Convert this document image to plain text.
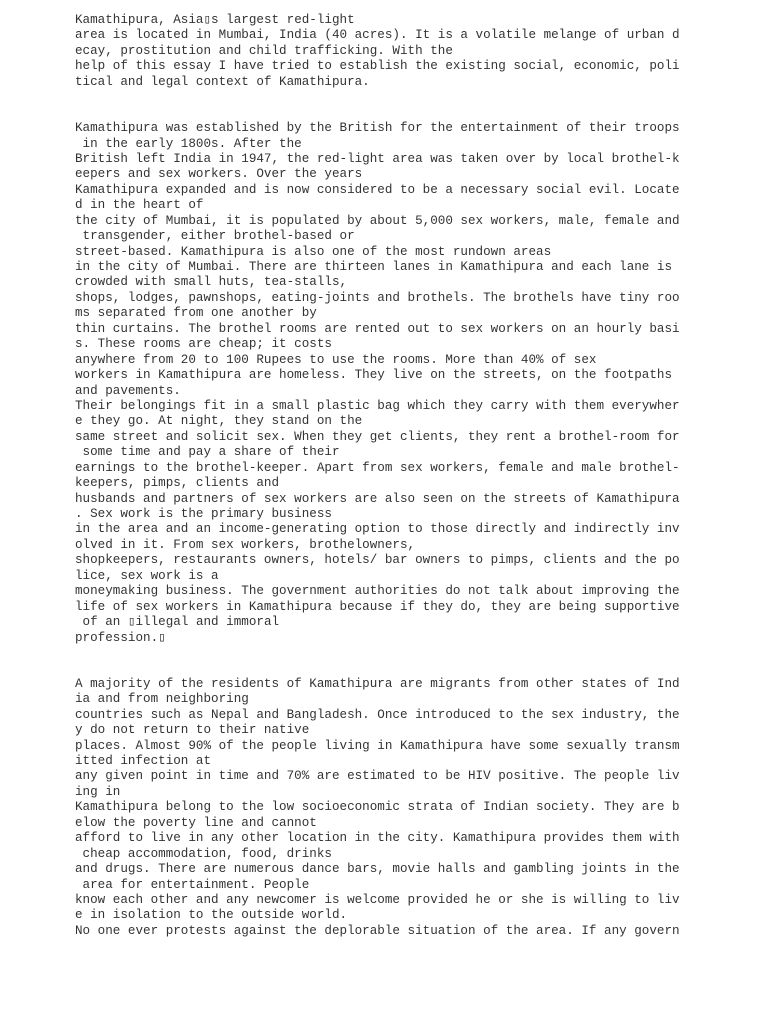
Kamathipura, Asia▯s largest red-light
area is located in Mumbai, India (40 acres). It is a volatile melange of urban d
ecay, prostitution and child trafficking. With the
help of this essay I have tried to establish the existing social, economic, poli
tical and legal context of Kamathipura.
Kamathipura was established by the British for the entertainment of their troops
in the early 1800s. After the
British left India in 1947, the red-light area was taken over by local brothel-k
eepers and sex workers. Over the years
Kamathipura expanded and is now considered to be a necessary social evil. Locate
d in the heart of
the city of Mumbai, it is populated by about 5,000 sex workers, male, female and
transgender, either brothel-based or
street-based. Kamathipura is also one of the most rundown areas
in the city of Mumbai. There are thirteen lanes in Kamathipura and each lane is
crowded with small huts, tea-stalls,
shops, lodges, pawnshops, eating-joints and brothels. The brothels have tiny roo
ms separated from one another by
thin curtains. The brothel rooms are rented out to sex workers on an hourly basi
s. These rooms are cheap; it costs
anywhere from 20 to 100 Rupees to use the rooms. More than 40% of sex
workers in Kamathipura are homeless. They live on the streets, on the footpaths
and pavements.
Their belongings fit in a small plastic bag which they carry with them everywher
e they go. At night, they stand on the
same street and solicit sex. When they get clients, they rent a brothel-room for
some time and pay a share of their
earnings to the brothel-keeper. Apart from sex workers, female and male brothel-
keepers, pimps, clients and
husbands and partners of sex workers are also seen on the streets of Kamathipura
. Sex work is the primary business
in the area and an income-generating option to those directly and indirectly inv
olved in it. From sex workers, brothelowners,
shopkeepers, restaurants owners, hotels/ bar owners to pimps, clients and the po
lice, sex work is a
moneymaking business. The government authorities do not talk about improving the
life of sex workers in Kamathipura because if they do, they are being supportive
of an ▯illegal and immoral
profession.▯
A majority of the residents of Kamathipura are migrants from other states of Ind
ia and from neighboring
countries such as Nepal and Bangladesh. Once introduced to the sex industry, the
y do not return to their native
places. Almost 90% of the people living in Kamathipura have some sexually transm
itted infection at
any given point in time and 70% are estimated to be HIV positive. The people liv
ing in
Kamathipura belong to the low socioeconomic strata of Indian society. They are b
elow the poverty line and cannot
afford to live in any other location in the city. Kamathipura provides them with
cheap accommodation, food, drinks
and drugs. There are numerous dance bars, movie halls and gambling joints in the
area for entertainment. People
know each other and any newcomer is welcome provided he or she is willing to liv
e in isolation to the outside world.
No one ever protests against the deplorable situation of the area. If any govern
